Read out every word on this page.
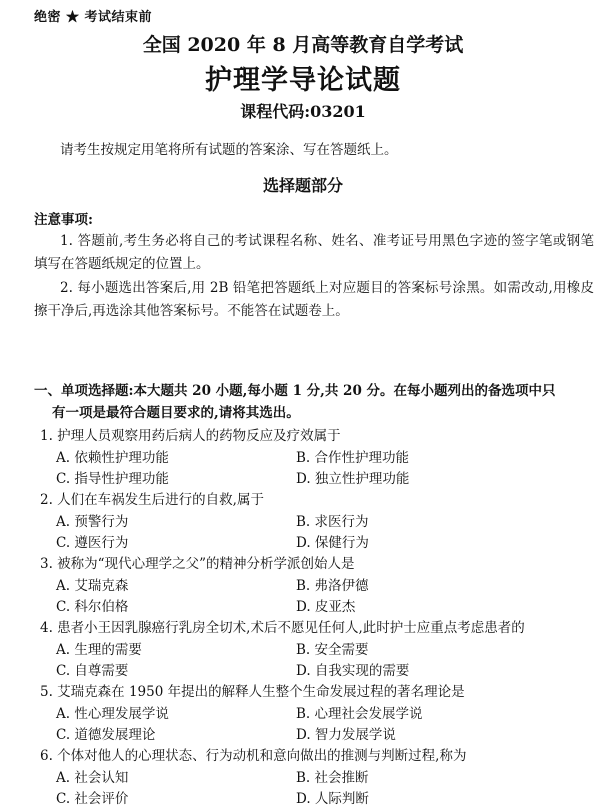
绝密 ★ 考试结束前
全国 2020 年 8 月高等教育自学考试
护理学导论试题
课程代码:03201
请考生按规定用笔将所有试题的答案涂、写在答题纸上。
选择题部分
注意事项:
1. 答题前,考生务必将自己的考试课程名称、姓名、准考证号用黑色字迹的签字笔或钢笔填写在答题纸规定的位置上。
2. 每小题选出答案后,用 2B 铅笔把答题纸上对应题目的答案标号涂黑。如需改动,用橡皮擦干净后,再选涂其他答案标号。不能答在试题卷上。
一、单项选择题:本大题共 20 小题,每小题 1 分,共 20 分。在每小题列出的备选项中只
有一项是最符合题目要求的,请将其选出。
1. 护理人员观察用药后病人的药物反应及疗效属于
A. 依赖性护理功能	B. 合作性护理功能
C. 指导性护理功能	D. 独立性护理功能
2. 人们在车祸发生后进行的自救,属于
A. 预警行为	B. 求医行为
C. 遵医行为	D. 保健行为
3. 被称为“现代心理学之父”的精神分析学派创始人是
A. 艾瑞克森	B. 弗洛伊德
C. 科尔伯格	D. 皮亚杰
4. 患者小王因乳腺癌行乳房全切术,术后不愿见任何人,此时护士应重点考虑患者的
A. 生理的需要	B. 安全需要
C. 自尊需要	D. 自我实现的需要
5. 艾瑞克森在 1950 年提出的解释人生整个生命发展过程的著名理论是
A. 性心理发展学说	B. 心理社会发展学说
C. 道德发展理论	D. 智力发展学说
6. 个体对他人的心理状态、行为动机和意向做出的推测与判断过程,称为
A. 社会认知	B. 社会推断
C. 社会评价	D. 人际判断
